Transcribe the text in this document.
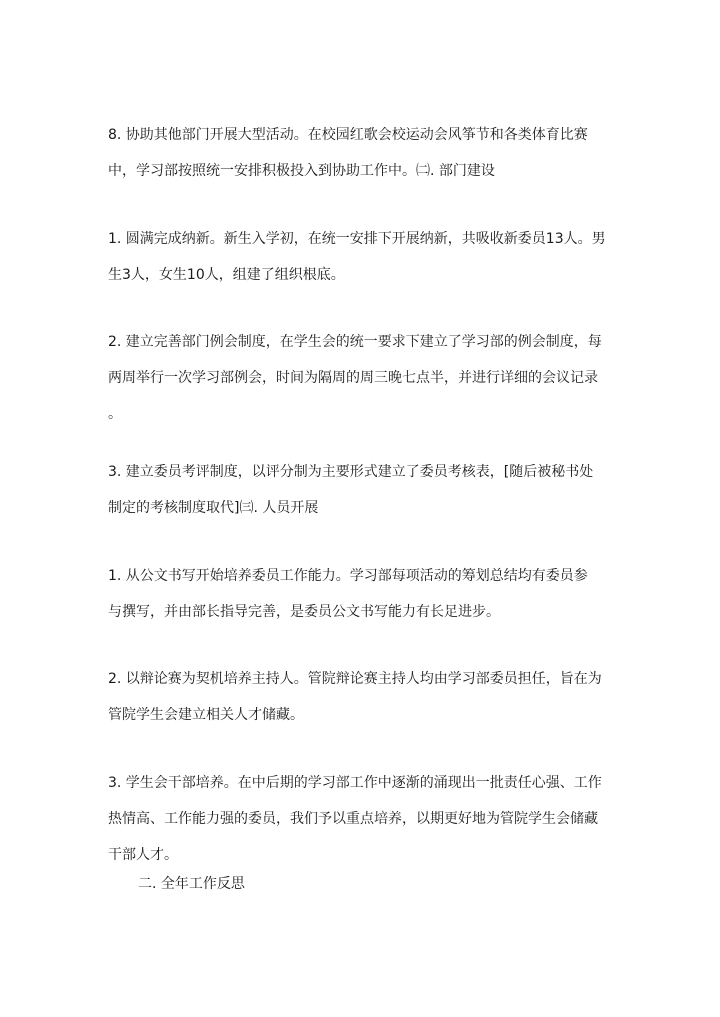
8. 协助其他部门开展大型活动。在校园红歌会校运动会风筝节和各类体育比赛
中，学习部按照统一安排积极投入到协助工作中。㈡. 部门建设
1. 圆满完成纳新。新生入学初，在统一安排下开展纳新，共吸收新委员13人。男
生3人，女生10人，组建了组织根底。
2. 建立完善部门例会制度，在学生会的统一要求下建立了学习部的例会制度，每
两周举行一次学习部例会，时间为隔周的周三晚七点半，并进行详细的会议记录
。
3. 建立委员考评制度，以评分制为主要形式建立了委员考核表，[随后被秘书处
制定的考核制度取代]㈢. 人员开展
1. 从公文书写开始培养委员工作能力。学习部每项活动的筹划总结均有委员参
与撰写，并由部长指导完善，是委员公文书写能力有长足进步。
2. 以辩论赛为契机培养主持人。管院辩论赛主持人均由学习部委员担任，旨在为
管院学生会建立相关人才储藏。
3. 学生会干部培养。在中后期的学习部工作中逐渐的涌现出一批责任心强、工作
热情高、工作能力强的委员，我们予以重点培养，以期更好地为管院学生会储藏
干部人才。
二. 全年工作反思
